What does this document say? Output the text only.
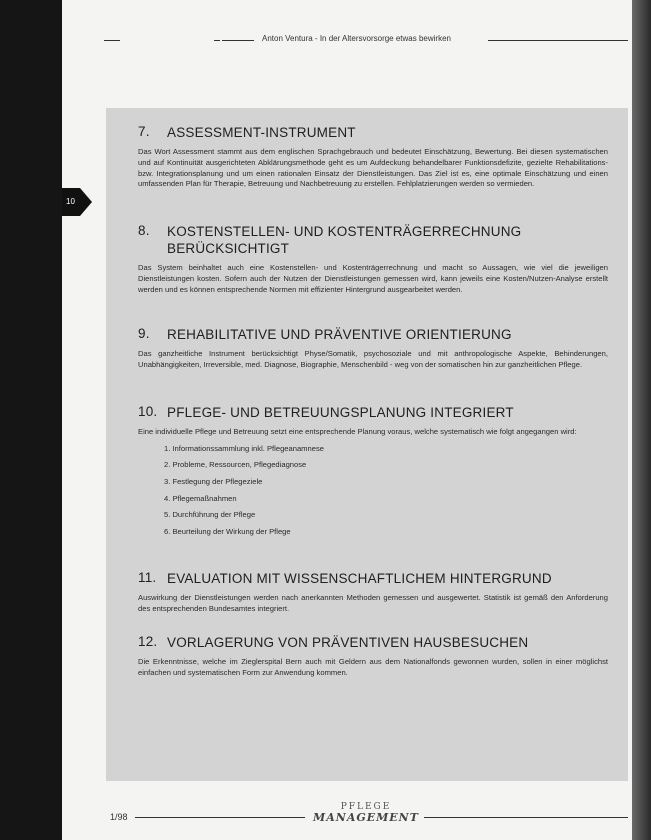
Anton Ventura - In der Altersvorsorge etwas bewirken
10
7.	ASSESSMENT-INSTRUMENT

Das Wort Assessment stammt aus dem englischen Sprachgebrauch und bedeutet Einschätzung, Bewertung. Bei diesen systematischen und auf Kontinuität ausgerichteten Abklärungsmethode geht es um Aufdeckung behandelbarer Funktionsdefizite, gezielte Rehabilitations- bzw. Integrationsplanung und um einen rationalen Einsatz der Dienstleistungen. Das Ziel ist es, eine optimale Einschätzung und einen umfassenden Plan für Therapie, Betreuung und Nachbetreuung zu erstellen. Fehlplatzierungen werden so vermieden.

8.	KOSTENSTELLEN- UND KOSTENTRÄGERRECHNUNG BERÜCKSICHTIGT

Das System beinhaltet auch eine Kostenstellen- und Kostenträgerrechnung und macht so Aussagen, wie viel die jeweiligen Dienstleistungen kosten. Sofern auch der Nutzen der Dienstleistungen gemessen wird, kann jeweils eine Kosten/Nutzen-Analyse erstellt werden und es können entsprechende Normen mit effizienter Hintergrund ausgearbeitet werden.

9.	REHABILITATIVE UND PRÄVENTIVE ORIENTIERUNG

Das ganzheitliche Instrument berücksichtigt Physe/Somatik, psychosoziale und mit anthropologische Aspekte, Behinderungen, Unabhängigkeiten, Irreversible, med. Diagnose, Biographie, Menschenbild - weg von der somatischen hin zur ganzheitlichen Pflege.

10. PFLEGE- UND BETREUUNGSPLANUNG INTEGRIERT

Eine individuelle Pflege und Betreuung setzt eine entsprechende Planung voraus, welche systematisch wie folgt angegangen wird:

1. Informationssammlung inkl. Pflegeanamnese
2. Probleme, Ressourcen, Pflegediagnose
3. Festlegung der Pflegeziele
4. Pflegemaßnahmen
5. Durchführung der Pflege
6. Beurteilung der Wirkung der Pflege
11. EVALUATION MIT WISSENSCHAFTLICHEM HINTERGRUND

Auswirkung der Dienstleistungen werden nach anerkannten Methoden gemessen und ausgewertet. Statistik ist gemäß den Anforderung des entsprechenden Bundesamtes integriert.

12. VORLAGERUNG VON PRÄVENTIVEN HAUSBESUCHEN

Die Erkenntnisse, welche im Zieglerspital Bern auch mit Geldern aus dem Nationalfonds gewonnen wurden, sollen in einer möglichst einfachen und systematischen Form zur Anwendung kommen.

1/98
PFLEGE
MANAGEMENT
